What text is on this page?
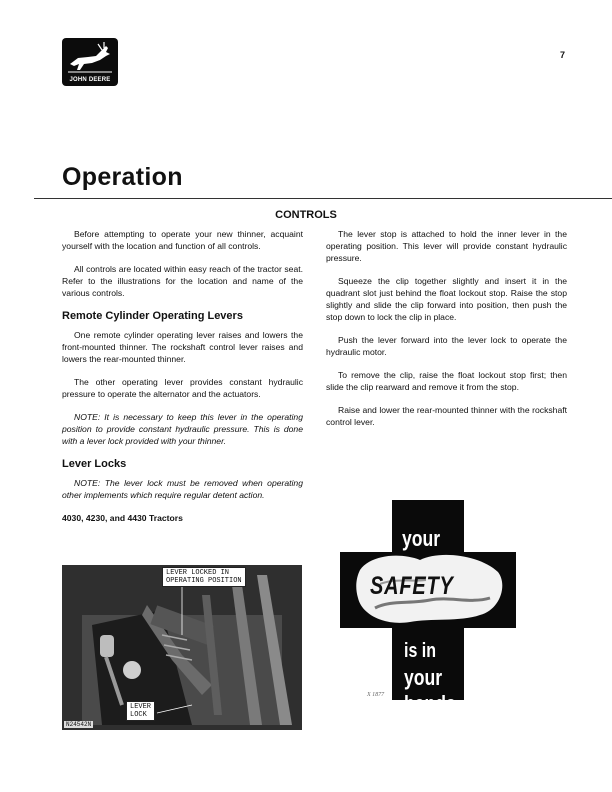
JOHN DEERE
7
Operation
CONTROLS

Before attempting to operate your new thinner, acquaint yourself with the location and function of all controls.

All controls are located within easy reach of the tractor seat. Refer to the illustrations for the location and name of the various controls.

Remote Cylinder Operating Levers

One remote cylinder operating lever raises and lowers the front-mounted thinner. The rockshaft control lever raises and lowers the rear-mounted thinner.

The other operating lever provides constant hydraulic pressure to operate the alternator and the actuators.

NOTE: It is necessary to keep this lever in the operating position to provide constant hydraulic pressure. This is done with a lever lock provided with your thinner.

Lever Locks

NOTE: The lever lock must be removed when operating other implements which require regular detent action.

4030, 4230, and 4430 Tractors

The lever stop is attached to hold the inner lever in the operating position. This lever will provide constant hydraulic pressure.

Squeeze the clip together slightly and insert it in the quadrant slot just behind the float lockout stop. Raise the stop slightly and slide the clip forward into position, then push the stop down to lock the clip in place.

Push the lever forward into the lever lock to operate the hydraulic motor.

To remove the clip, raise the float lockout stop first; then slide the clip rearward and remove it from the stop.

Raise and lower the rear-mounted thinner with the rockshaft control lever.

LEVER LOCKED IN
OPERATING POSITION
LEVER
LOCK
N24542N
your
SAFETY
is in
your hands
X 1877
